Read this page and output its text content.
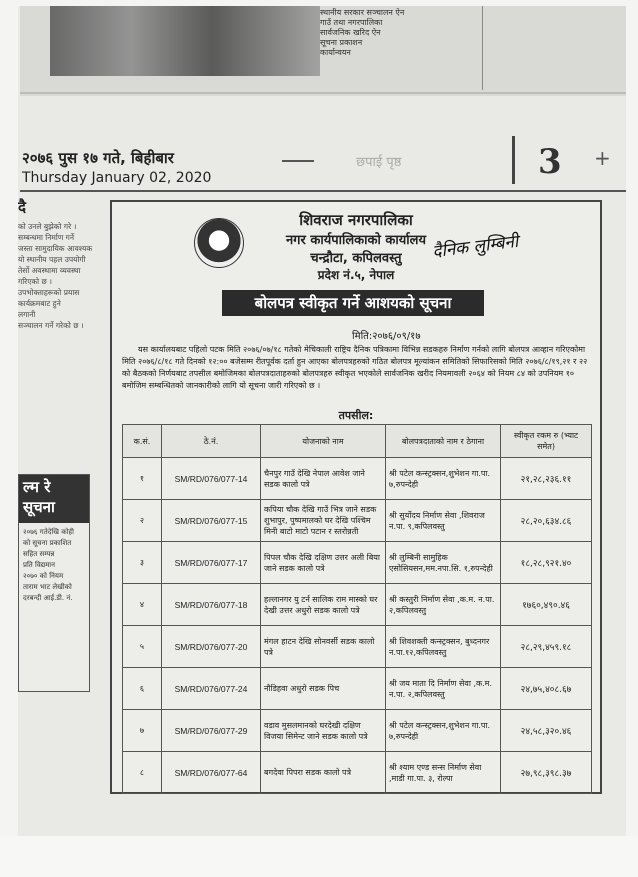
स्थानीय सरकार सञ्चालन ऐन
गाउँ तथा नगरपालिका
सार्वजनिक खरिद ऐन
सूचना प्रकाशन
कार्यान्वयन
२०७६ पुस १७ गते, बिहीबार
Thursday January 02, 2020
छपाई पृष्ठ	3 +
दै
को उनले बुझेको गरे ।
सम्बन्धमा निर्माण गर्ने
जस्ता सामुदायिक आवश्यक
यो स्थानीय पहल उपयोगी
तेर्सो अवस्थामा व्यवस्था
गरिएको छ ।
उपभोक्ताहरूको प्रयास
कार्यक्रमबाट हुने
लगानी
सञ्चालन गर्ने गरेको छ ।
ल्म रे सूचना
२०७६ गतेदेखि कोही
को सूचना प्रकाशित
सहित सम्पन्न
प्रति विद्यमान
२०७० को नियम
ताराम भाट लेखीको
दरबन्दी आई.डी. नं.
शिवराज नगरपालिका
नगर कार्यपालिकाको कार्यालय
चन्द्रौटा, कपिलवस्तु
प्रदेश नं.५, नेपाल
दैनिक लुम्बिनी
बोलपत्र स्वीकृत गर्ने आशयको सूचना
मिति:२०७६/०९/१७
यस कार्यालयबाट पहिलो पटक मिति २०७६/०७/१८ गतेको मेचिकाली राष्ट्रिय दैनिक पत्रिकामा विभिन्न सडकहरु निर्माण गर्नको लागि बोलपत्र आव्हान गरिएकोमा मिति २०७६/८/१८ गते दिनको १२:०० बजेसम्म रीतपूर्वक दर्ता हुन आएका बोलपत्रहरुको गठित बोलपत्र मूल्यांकन समितिको सिफारिसको मिति २०७६/८/१९,२१ र २२ को बैठकको निर्णयबाट तपसील बमोजिमका बोलपत्रदाताहरुको बोलपत्रहरु स्वीकृत भएकोले सार्वजनिक खरीद नियमावली २०६४ को नियम ८४ को उपनियम १० बमोजिम सम्बन्धितको जानकारीको लागि यो सूचना जारी गरिएको छ ।
तपसील:
क.सं.	ठे.नं.	योजनाको नाम	बोलपत्रदाताको नाम र ठेगाना	स्वीकृत रकम रु (भ्याट समेत)
१	SM/RD/076/077-14	चैनपुर गाउँ देखि नेपाल आवेश जाने सडक कालो पत्रे	श्री पटेल कन्स्ट्रक्सन,शुभेशन गा.पा. ७,रुपन्देही	२१,२८,२३६.११
२	SM/RD/076/077-15	कपिया चौक देखि गाउँ भित्र जाने सडक शुभापुर, पुष्पमालको घर देखि पश्चिम मिनी बाटो माटो पटान र स्तरोन्नती	श्री सुर्योदय निर्माण सेवा ,शिवराज न.पा. ९,कपिलवस्तु	२८,२०,६३४.८६
३	SM/RD/076/077-17	पिपल चौक देखि दक्षिण उत्तर अली बिया जाने सडक कालो पत्रे	श्री लुम्बिनी सामुहिक एसोसियसन,मम.नपा.सि. १,रुपन्देही	१८,२८,९२१.४०
४	SM/RD/076/077-18	हल्लानगर यु टर्न सालिक राम मास्को घर देखी उत्तर अधुरो सडक कालो पत्रे	श्री कस्तुरी निर्माण सेवा ,क.म. न.पा. २,कपिलवस्तु	१७६०,४९०.४६
५	SM/RD/076/077-20	मंगल हाटन देखि सोनवर्सी सडक कालो पत्रे	श्री शिवशक्ती कन्स्ट्रक्सन, बुध्दनगर न.पा.१२,कपिलवस्तु	२८,२९,४५९.१८
६	SM/RD/076/077-24	नौडिहवा अधुरो सडक पिच	श्री जय माता दि निर्माण सेवा ,क.म. न.पा. २,कपिलवस्तु	२४,७५,४०८.६७
७	SM/RD/076/077-29	वडाव मुसलमानको घरदेखी दक्षिण विजया सिमेन्ट जाने सडक कालो पत्रे	श्री पटेल कन्स्ट्रक्सन,शुभेशन गा.पा. ७,रुपन्देही	२४,५८,३२०.४६
८	SM/RD/076/077-64	बगदेवा पिपरा सडक कालो पत्रे	श्री श्याम एण्ड सन्स निर्माण सेवा ,माडी गा.पा. ३, रोल्पा	२७,९८,३९८.३७
